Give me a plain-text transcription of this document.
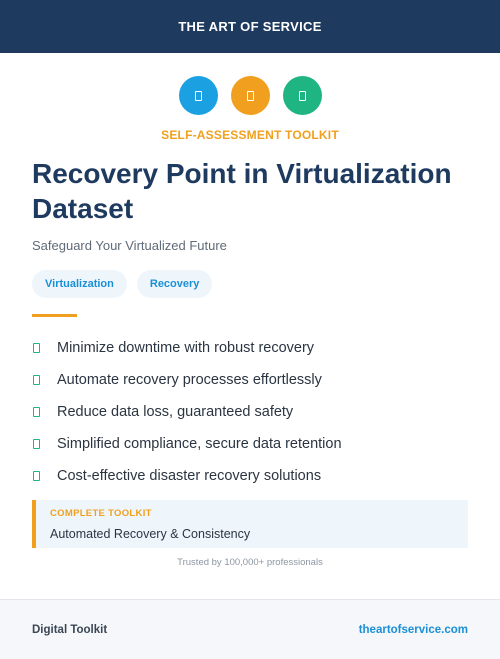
THE ART OF SERVICE
SELF-ASSESSMENT TOOLKIT
Recovery Point in Virtualization Dataset
Safeguard Your Virtualized Future
Virtualization	Recovery
Minimize downtime with robust recovery
Automate recovery processes effortlessly
Reduce data loss, guaranteed safety
Simplified compliance, secure data retention
Cost-effective disaster recovery solutions
COMPLETE TOOLKIT
Automated Recovery & Consistency
Trusted by 100,000+ professionals
Digital Toolkit	theartofservice.com
